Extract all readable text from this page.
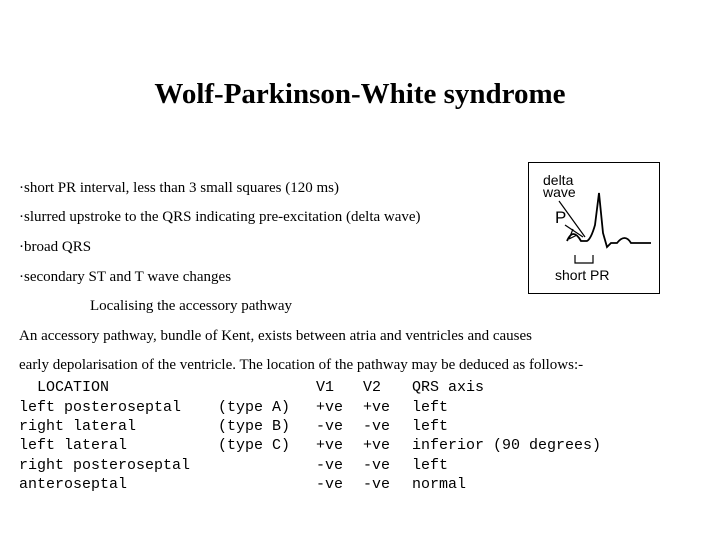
Wolf-Parkinson-White syndrome
·short PR interval, less than 3 small squares (120 ms)
·slurred upstroke to the QRS indicating pre-excitation (delta wave)
·broad QRS
·secondary ST and T wave changes
delta
wave
P
short PR
Localising the accessory pathway
An accessory pathway, bundle of Kent, exists between atria and ventricles and causes
early depolarisation of the ventricle. The location of the pathway may be deduced as follows:-
LOCATION		V1	V2	QRS axis
left posteroseptal	(type A)	+ve	+ve	left
right lateral	(type B)	-ve	-ve	left
left lateral	(type C)	+ve	+ve	inferior (90 degrees)
right posteroseptal		-ve	-ve	left
anteroseptal		-ve	-ve	normal
